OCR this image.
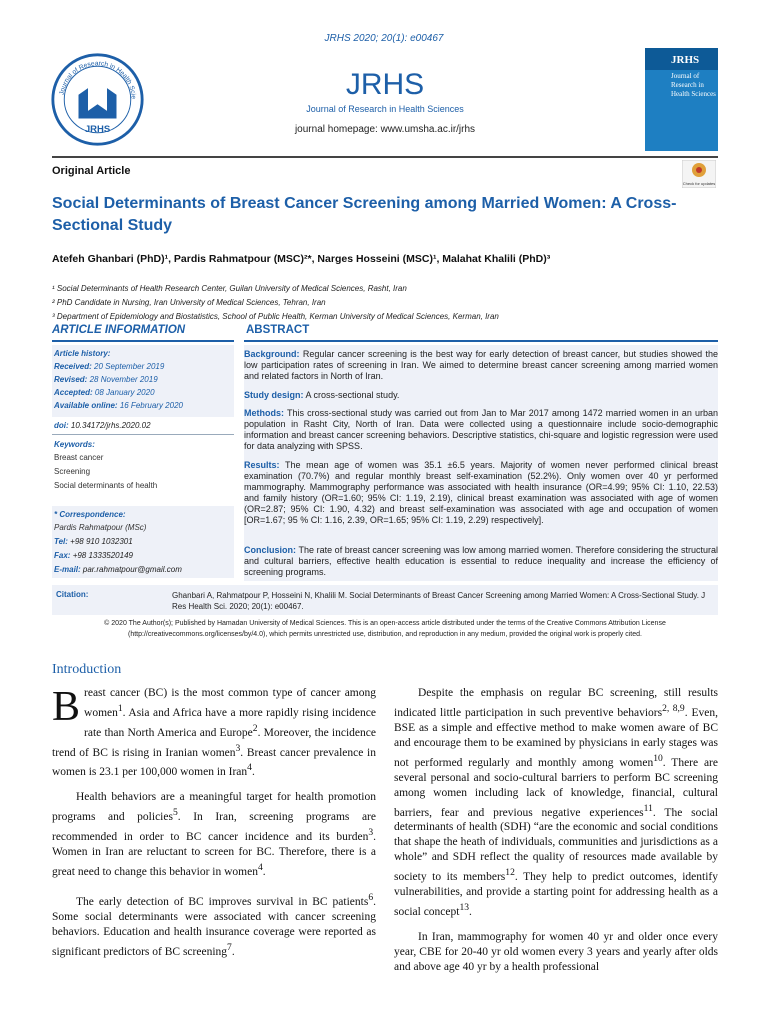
JRHS 2020; 20(1): e00467
Journal of Research in Health Scie
JRHS
JRHS
Journal of Research in Health Sciences
journal homepage: www.umsha.ac.ir/jrhs
JRHS
Journal of Research in Health Sciences
Original Article
Check for updates
Social Determinants of Breast Cancer Screening among Married Women: A Cross-Sectional Study
Atefeh Ghanbari (PhD)¹, Pardis Rahmatpour (MSC)²*, Narges Hosseini (MSC)¹, Malahat Khalili (PhD)³
¹ Social Determinants of Health Research Center, Guilan University of Medical Sciences, Rasht, Iran
² PhD Candidate in Nursing, Iran University of Medical Sciences, Tehran, Iran
³ Department of Epidemiology and Biostatistics, School of Public Health, Kerman University of Medical Sciences, Kerman, Iran
ARTICLE INFORMATION
Article history:
Received: 20 September 2019
Revised: 28 November 2019
Accepted: 08 January 2020
Available online: 16 February 2020
doi: 10.34172/jrhs.2020.02
Keywords:
Breast cancer
Screening
Social determinants of health
* Correspondence:
Pardis Rahmatpour (MSc)
Tel: +98 910 1032301
Fax: +98 1333520149
E-mail: par.rahmatpour@gmail.com
ABSTRACT
Background: Regular cancer screening is the best way for early detection of breast cancer, but studies showed the low participation rates of screening in Iran. We aimed to determine breast cancer screening among married women and related factors in North of Iran.
Study design: A cross-sectional study.
Methods: This cross-sectional study was carried out from Jan to Mar 2017 among 1472 married women in an urban population in Rasht City, North of Iran. Data were collected using a questionnaire include socio-demographic information and breast cancer screening behaviors. Descriptive statistics, chi-square and logistic regression were used for data analyzing with SPSS.
Results: The mean age of women was 35.1 ±6.5 years. Majority of women never performed clinical breast examination (70.7%) and regular monthly breast self-examination (52.2%). Only women over 40 yr performed mammography. Mammography performance was associated with health insurance (OR=4.99; 95% CI: 1.10, 22.53) and family history (OR=1.60; 95% CI: 1.19, 2.19), clinical breast examination was associated with age of women (OR=2.87; 95% CI: 1.90, 4.32) and breast self-examination was associated with age and occupation of women [OR=1.67; 95 % CI: 1.16, 2.39, OR=1.65; 95% CI: 1.19, 2.29) respectively].
Conclusion: The rate of breast cancer screening was low among married women. Therefore considering the structural and cultural barriers, effective health education is essential to reduce inequality and increase the efficiency of screening programs.
Citation:	Ghanbari A, Rahmatpour P, Hosseini N, Khalili M. Social Determinants of Breast Cancer Screening among Married Women: A Cross-Sectional Study. J Res Health Sci. 2020; 20(1): e00467.
© 2020 The Author(s); Published by Hamadan University of Medical Sciences. This is an open-access article distributed under the terms of the Creative Commons Attribution License (http://creativecommons.org/licenses/by/4.0), which permits unrestricted use, distribution, and reproduction in any medium, provided the original work is properly cited.
Introduction

Breast cancer (BC) is the most common type of cancer among women$^1$. Asia and Africa have a more rapidly rising incidence rate than North America and Europe$^2$. Moreover, the incidence trend of BC is rising in Iranian women$^3$. Breast cancer prevalence in women is 23.1 per 100,000 women in Iran$^4$.

Health behaviors are a meaningful target for health promotion programs and policies$^5$. In Iran, screening programs are recommended in order to BC cancer incidence and its burden$^3$. Women in Iran are reluctant to screen for BC. Therefore, there is a great need to change this behavior in women$^4$.

The early detection of BC improves survival in BC patients$^6$. Some social determinants were associated with cancer screening behaviors. Education and health insurance coverage were reported as significant predictors of BC screening$^7$.

Despite the emphasis on regular BC screening, still results indicated little participation in such preventive behaviors$^{2, 8,9}$. Even, BSE as a simple and effective method to make women aware of BC and encourage them to be examined by physicians in early stages was not performed regularly and monthly among women$^{10}$. There are several personal and socio-cultural barriers to perform BC screening among women including lack of knowledge, financial, cultural barriers, fear and previous negative experiences$^{11}$. The social determinants of health (SDH) “are the economic and social conditions that shape the heath of individuals, communities and jurisdictions as a whole” and SDH reflect the quality of resources made available by society to its members$^{12}$. They help to predict outcomes, identify vulnerabilities, and provide a starting point for addressing health as a social concept$^{13}$.

In Iran, mammography for women 40 yr and older once every year, CBE for 20-40 yr old women every 3 years and yearly after olds and above age 40 yr by a health professional
